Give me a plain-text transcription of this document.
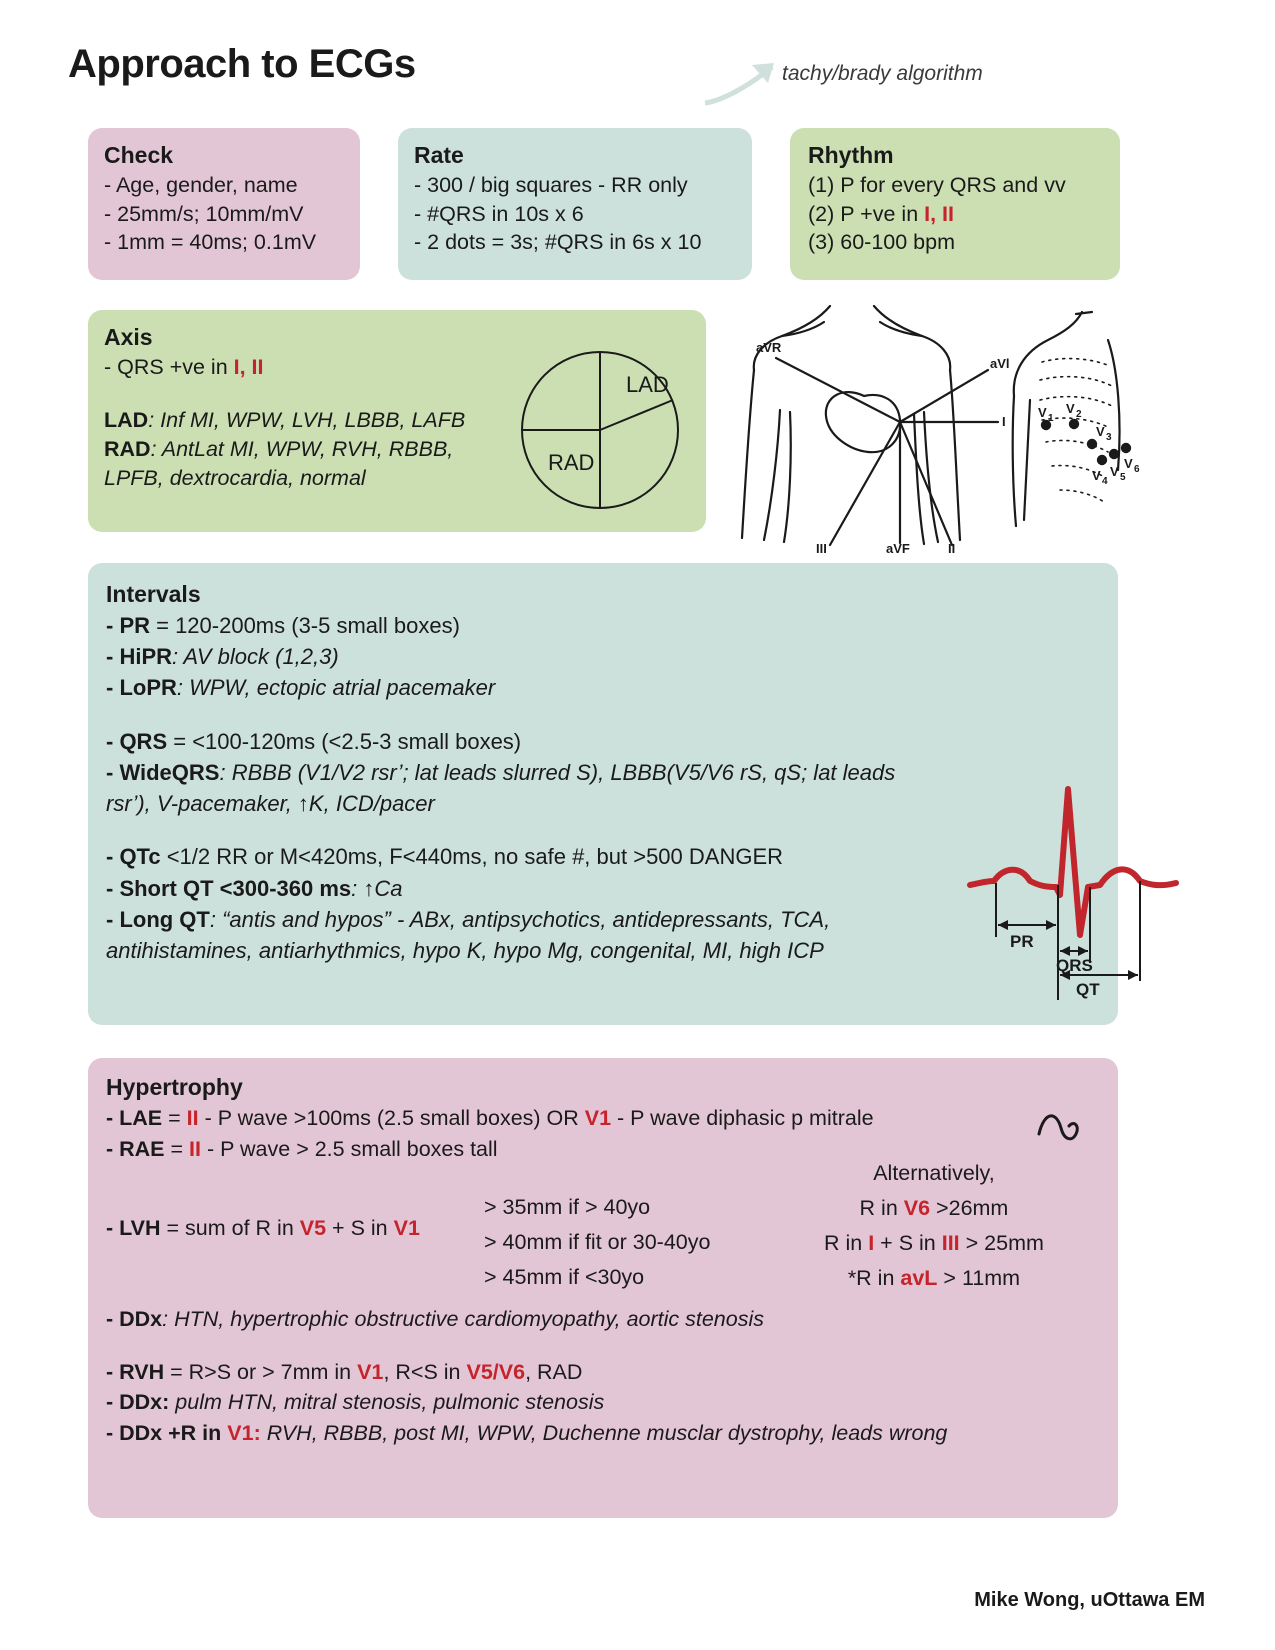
Approach to ECGs	tachy/brady algorithm
Check
- Age, gender, name
- 25mm/s; 10mm/mV
- 1mm = 40ms; 0.1mV
Rate
- 300 / big squares - RR only
- #QRS in 10s x 6
- 2 dots = 3s; #QRS in 6s x 10
Rhythm
(1) P for every QRS and vv
(2) P +ve in I, II
(3) 60-100 bpm
Axis
- QRS +ve in I, II
LAD: Inf MI, WPW, LVH, LBBB, LAFB
RAD: AntLat MI, WPW, RVH, RBBB,
LPFB, dextrocardia, normal
LAD
RAD
aVR
aVl
I
III	aVF	II
V 1
V 2
V 3
V 4
V 5
V 6
Intervals
- PR = 120-200ms (3-5 small boxes)
- HiPR: AV block (1,2,3)
- LoPR: WPW, ectopic atrial pacemaker
- QRS = <100-120ms (<2.5-3 small boxes)
- WideQRS: RBBB (V1/V2 rsr’; lat leads slurred S), LBBB(V5/V6 rS, qS; lat leads rsr’), V-pacemaker, ↑K, ICD/pacer
- QTc <1/2 RR or M<420ms, F<440ms, no safe #, but >500 DANGER
- Short QT <300-360 ms: ↑Ca
- Long QT: “antis and hypos” - ABx, antipsychotics, antidepressants, TCA, antihistamines, antiarhythmics, hypo K, hypo Mg, congenital, MI, high ICP	PR
QRS
QT
Hypertrophy
- LAE = II - P wave >100ms (2.5 small boxes) OR V1 - P wave diphasic p mitrale
- RAE = II - P wave > 2.5 small boxes tall
- LVH = sum of R in V5 + S in V1
> 35mm if > 40yo
> 40mm if fit or 30-40yo
> 45mm if <30yo
Alternatively,
R in V6 >26mm
R in I + S in III > 25mm
*R in avL > 11mm
- DDx: HTN, hypertrophic obstructive cardiomyopathy, aortic stenosis
- RVH = R>S or > 7mm in V1, R<S in V5/V6, RAD
- DDx: pulm HTN, mitral stenosis, pulmonic stenosis
- DDx +R in V1: RVH, RBBB, post MI, WPW, Duchenne musclar dystrophy, leads wrong
Mike Wong, uOttawa EM
